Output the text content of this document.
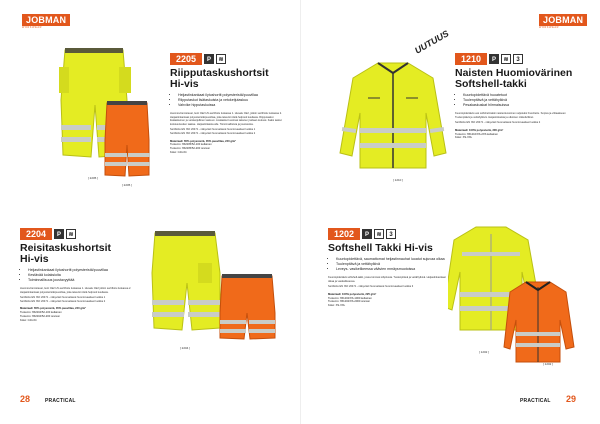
JOBMAN
WORKWEAR
JOBMAN
WORKWEAR
[ 2205 ]
[ 2205 ]
2205	P	≋
Riipputaskushortsit
Hi-vis
• Heijastinkankaat ilytushortit polyesteristä/puuvillaa
• Riipputaskut lisätaskuista ja vetoketjutaskuu
• Vahvike hipputaskuissa
Huomioviramistavat, luoti CE2 HV-sertifioitu luokassa 1. Huoatu CE2, jolloin sertifioitu luokassa 2. Heijastinkankaat polyesteristä/puuvillaa, joka tekevät niistä helposti kuuliasia. Riipputaskut lisätaskuinen ja vetoketjullinen taskuun. Lisätaskut kuuluvat takana rystöaan kuluvat. Kaksi taskut kulutusviestien taakse. Heijastinkaista alle. Toiminnallisista ja joustavista.
Sertifioitu EN ISO 20471 - näkyvästi huomattavat huomiovaatteet luokka 1
Sertifioitu EN ISO 20471 - näkyvästi huomattavat huomiovaatteet luokka 2
Materiaali: 65% polyesteriä, 35% puuvillaa, 240 g/m²
Tuotenro: 652205/52-100 keltainen
Tuotenro: 652205/52-200 oranssi
Koko: C44-64
UUTUUS
[ 1210 ]
1210	P	≋	3
Naisten Huomiovärinen
Softshell-takki
• Kuuntopidettävä huoatetuot
• Tuulenpitävä ja vettähylkivä
• Pesakaskuskat hiirmaisuissa
Kuuntopidettävä uusi softshell-takki naistenkuvioinen suljetuksi hiuoritettu. Sopiva ja viittaakseen Tuulenpitävä ja vettähylkivä. Heijastinkaista ja ulkoinen nikkeliviilinet.
Sertifioitu EN ISO 20471 - näkyvästi huomattavat huomiovaatteet luokka 2
Materiaali: 100% polyesteriä, 300 g/m²
Tuotenro: 651210/XS-2XS keltainen
Koko: XS-XXL
2204	P	≋
Reisitaskushortsit
Hi-vis
• Heijastinkankaat ilytushortit polyesteristä/puuvillaa
• Kestävää kolaksioita
• Toiminnallisuus joustavyyttää
Huomioviramistavat, luoti CE2 HV-sertifioitu luokassa 1. Huoatu CE2 jolloin sertifioitu luokassa 2. Heijastinkankaat polyesteristä/puuvillaa, joka tekevät niistä helposti kuuliasia.
Sertifioitu EN ISO 20471 - näkyvästi huomattavat huomiovaatteet luokka 1
Sertifioitu EN ISO 20471 - näkyvästi huomattavat huomiovaatteet luokka 2
Materiaali: 65% polyesteriä, 35% puuvillaa, 240 g/m²
Tuotenro: 652204/52-100 keltainen
Tuotenro: 652204/52-200 oranssi
Koko: C44-64
[ 2204 ]
1202	P	≋	3
Softshell Takki Hi-vis
• Kuuntopidettävä, saumattomat heijastinnauhat luoatut sujuvaa olkaa
• Tuulenpitävä ja vettähylkivä
• Leveys- vasikelikeessa väävien mmäysmuotoissa
Kuuntopidettävä softshell-takki, jossa toimivat sibpitusta. Tuulenpitävä ja vettähylkivä. Heijastinkankaat olkaa ja vasikelikeessa.
Sertifioitu EN ISO 20471 - näkyvästi huomattavat huomiovaatteet luokka 3
Materiaali: 100% polyesteriä, 225 g/m²
Tuotenro: 651202/XS-1000 keltainen
Tuotenro: 651202/XS-2000 oranssi
Koko: XS-XXL
[ 1202 ]
[ 1202 ]
28	PRACTICAL	PRACTICAL 29
